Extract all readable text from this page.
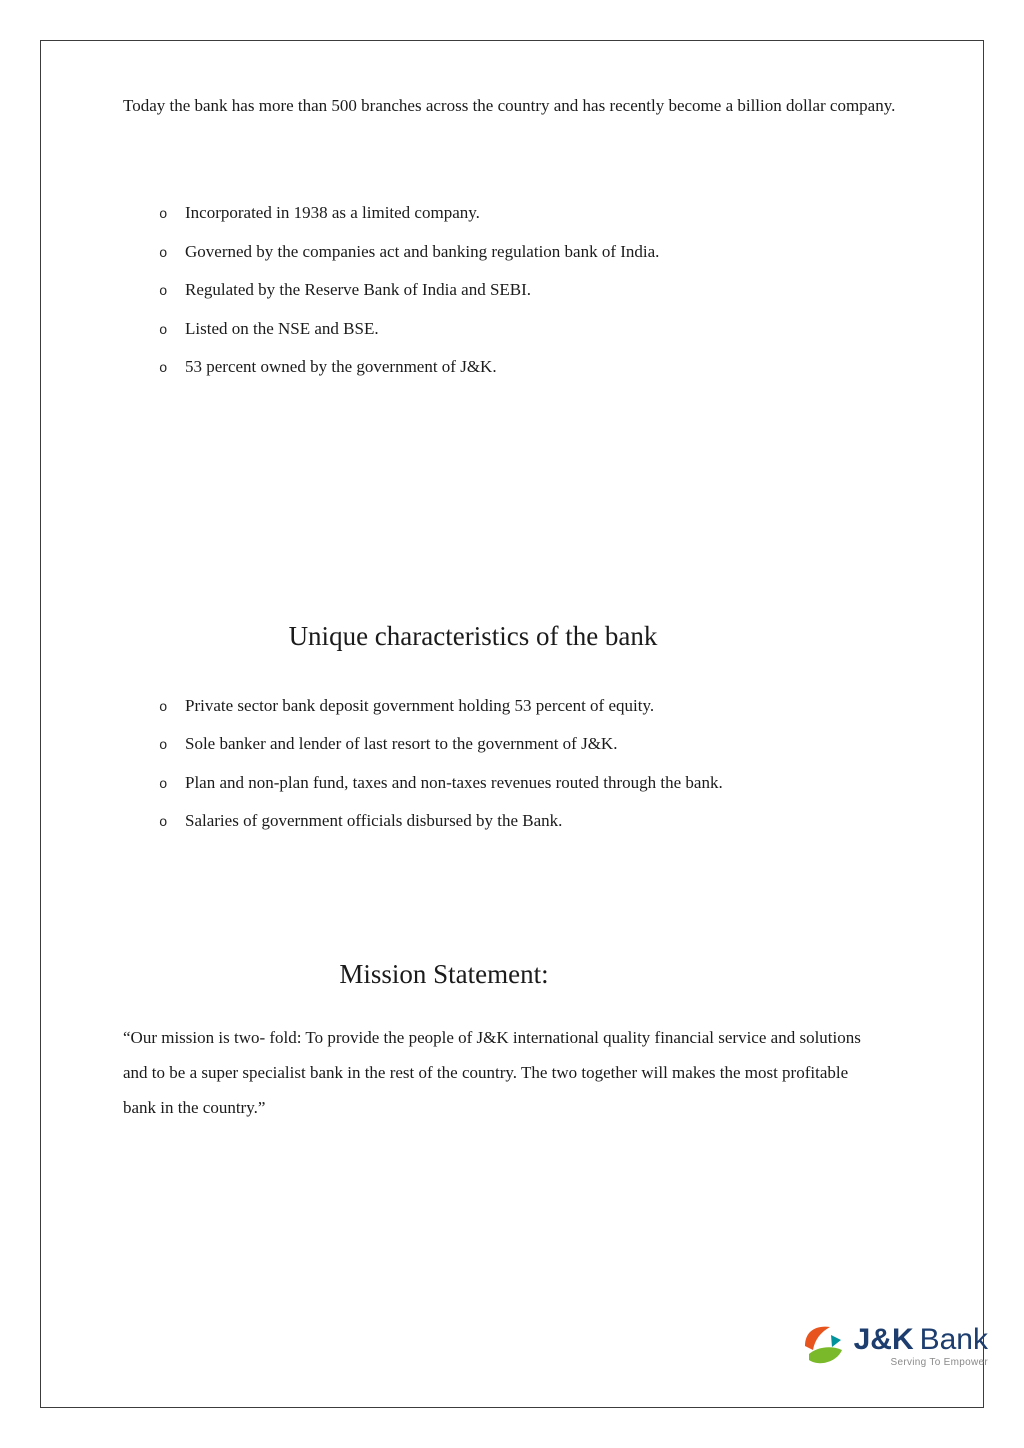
Today the bank has more than 500 branches across the country and has recently become a billion dollar company.

o	Incorporated in 1938 as a limited company.
o	Governed by the companies act and banking regulation bank of India.
o	Regulated by the Reserve Bank of India and SEBI.
o	Listed on the NSE and BSE.
o	53 percent owned by the government of J&K.
Unique characteristics of the bank
o	Private sector bank deposit government holding 53 percent of equity.
o	Sole banker and lender of last resort to the government of J&K.
o	Plan and non-plan fund, taxes and non-taxes revenues routed through the bank.
o	Salaries of government officials disbursed by the Bank.
Mission Statement:

“Our mission is two- fold: To provide the people of J&K international quality financial service and solutions and to be a super specialist bank in the rest of the country. The two together will makes the most profitable bank in the country.”

J&K Bank
Serving To Empower
